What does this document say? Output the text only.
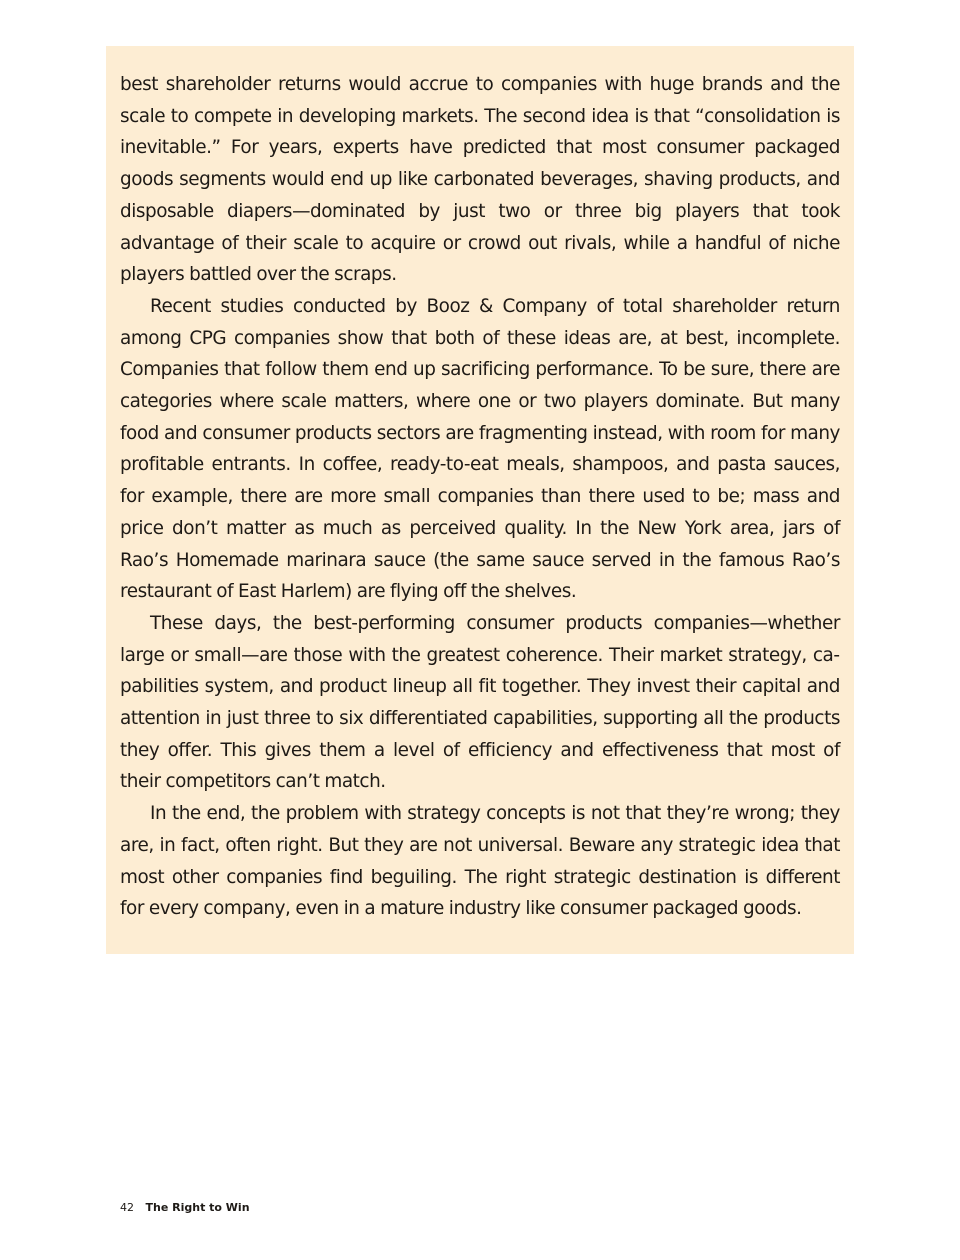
best shareholder returns would accrue to companies with huge brands and the scale to compete in developing markets. The second idea is that “consolidation is inevitable.” For years, experts have predicted that most consumer packaged goods segments would end up like carbonated beverages, shaving products, and disposable diapers—dominated by just two or three big players that took advantage of their scale to acquire or crowd out rivals, while a handful of niche players battled over the scraps.

Recent studies conducted by Booz & Company of total shareholder return among CPG companies show that both of these ideas are, at best, incomplete. Companies that follow them end up sacrificing performance. To be sure, there are categories where scale matters, where one or two players dominate. But many food and consumer products sectors are fragmenting instead, with room for many profitable entrants. In coffee, ready-to-eat meals, shampoos, and pasta sauces, for example, there are more small companies than there used to be; mass and price don’t matter as much as perceived quality. In the New York area, jars of Rao’s Homemade marinara sauce (the same sauce served in the famous Rao’s restaurant of East Harlem) are flying off the shelves.

These days, the best-performing consumer products companies—whether large or small—are those with the greatest coherence. Their market strategy, capabilities system, and product lineup all fit together. They invest their capital and attention in just three to six differentiated capabilities, supporting all the products they offer. This gives them a level of efficiency and effectiveness that most of their competitors can’t match.

In the end, the problem with strategy concepts is not that they’re wrong; they are, in fact, often right. But they are not universal. Beware any strategic idea that most other companies find beguiling. The right strategic destination is different for every company, even in a mature industry like consumer packaged goods.

42 The Right to Win
